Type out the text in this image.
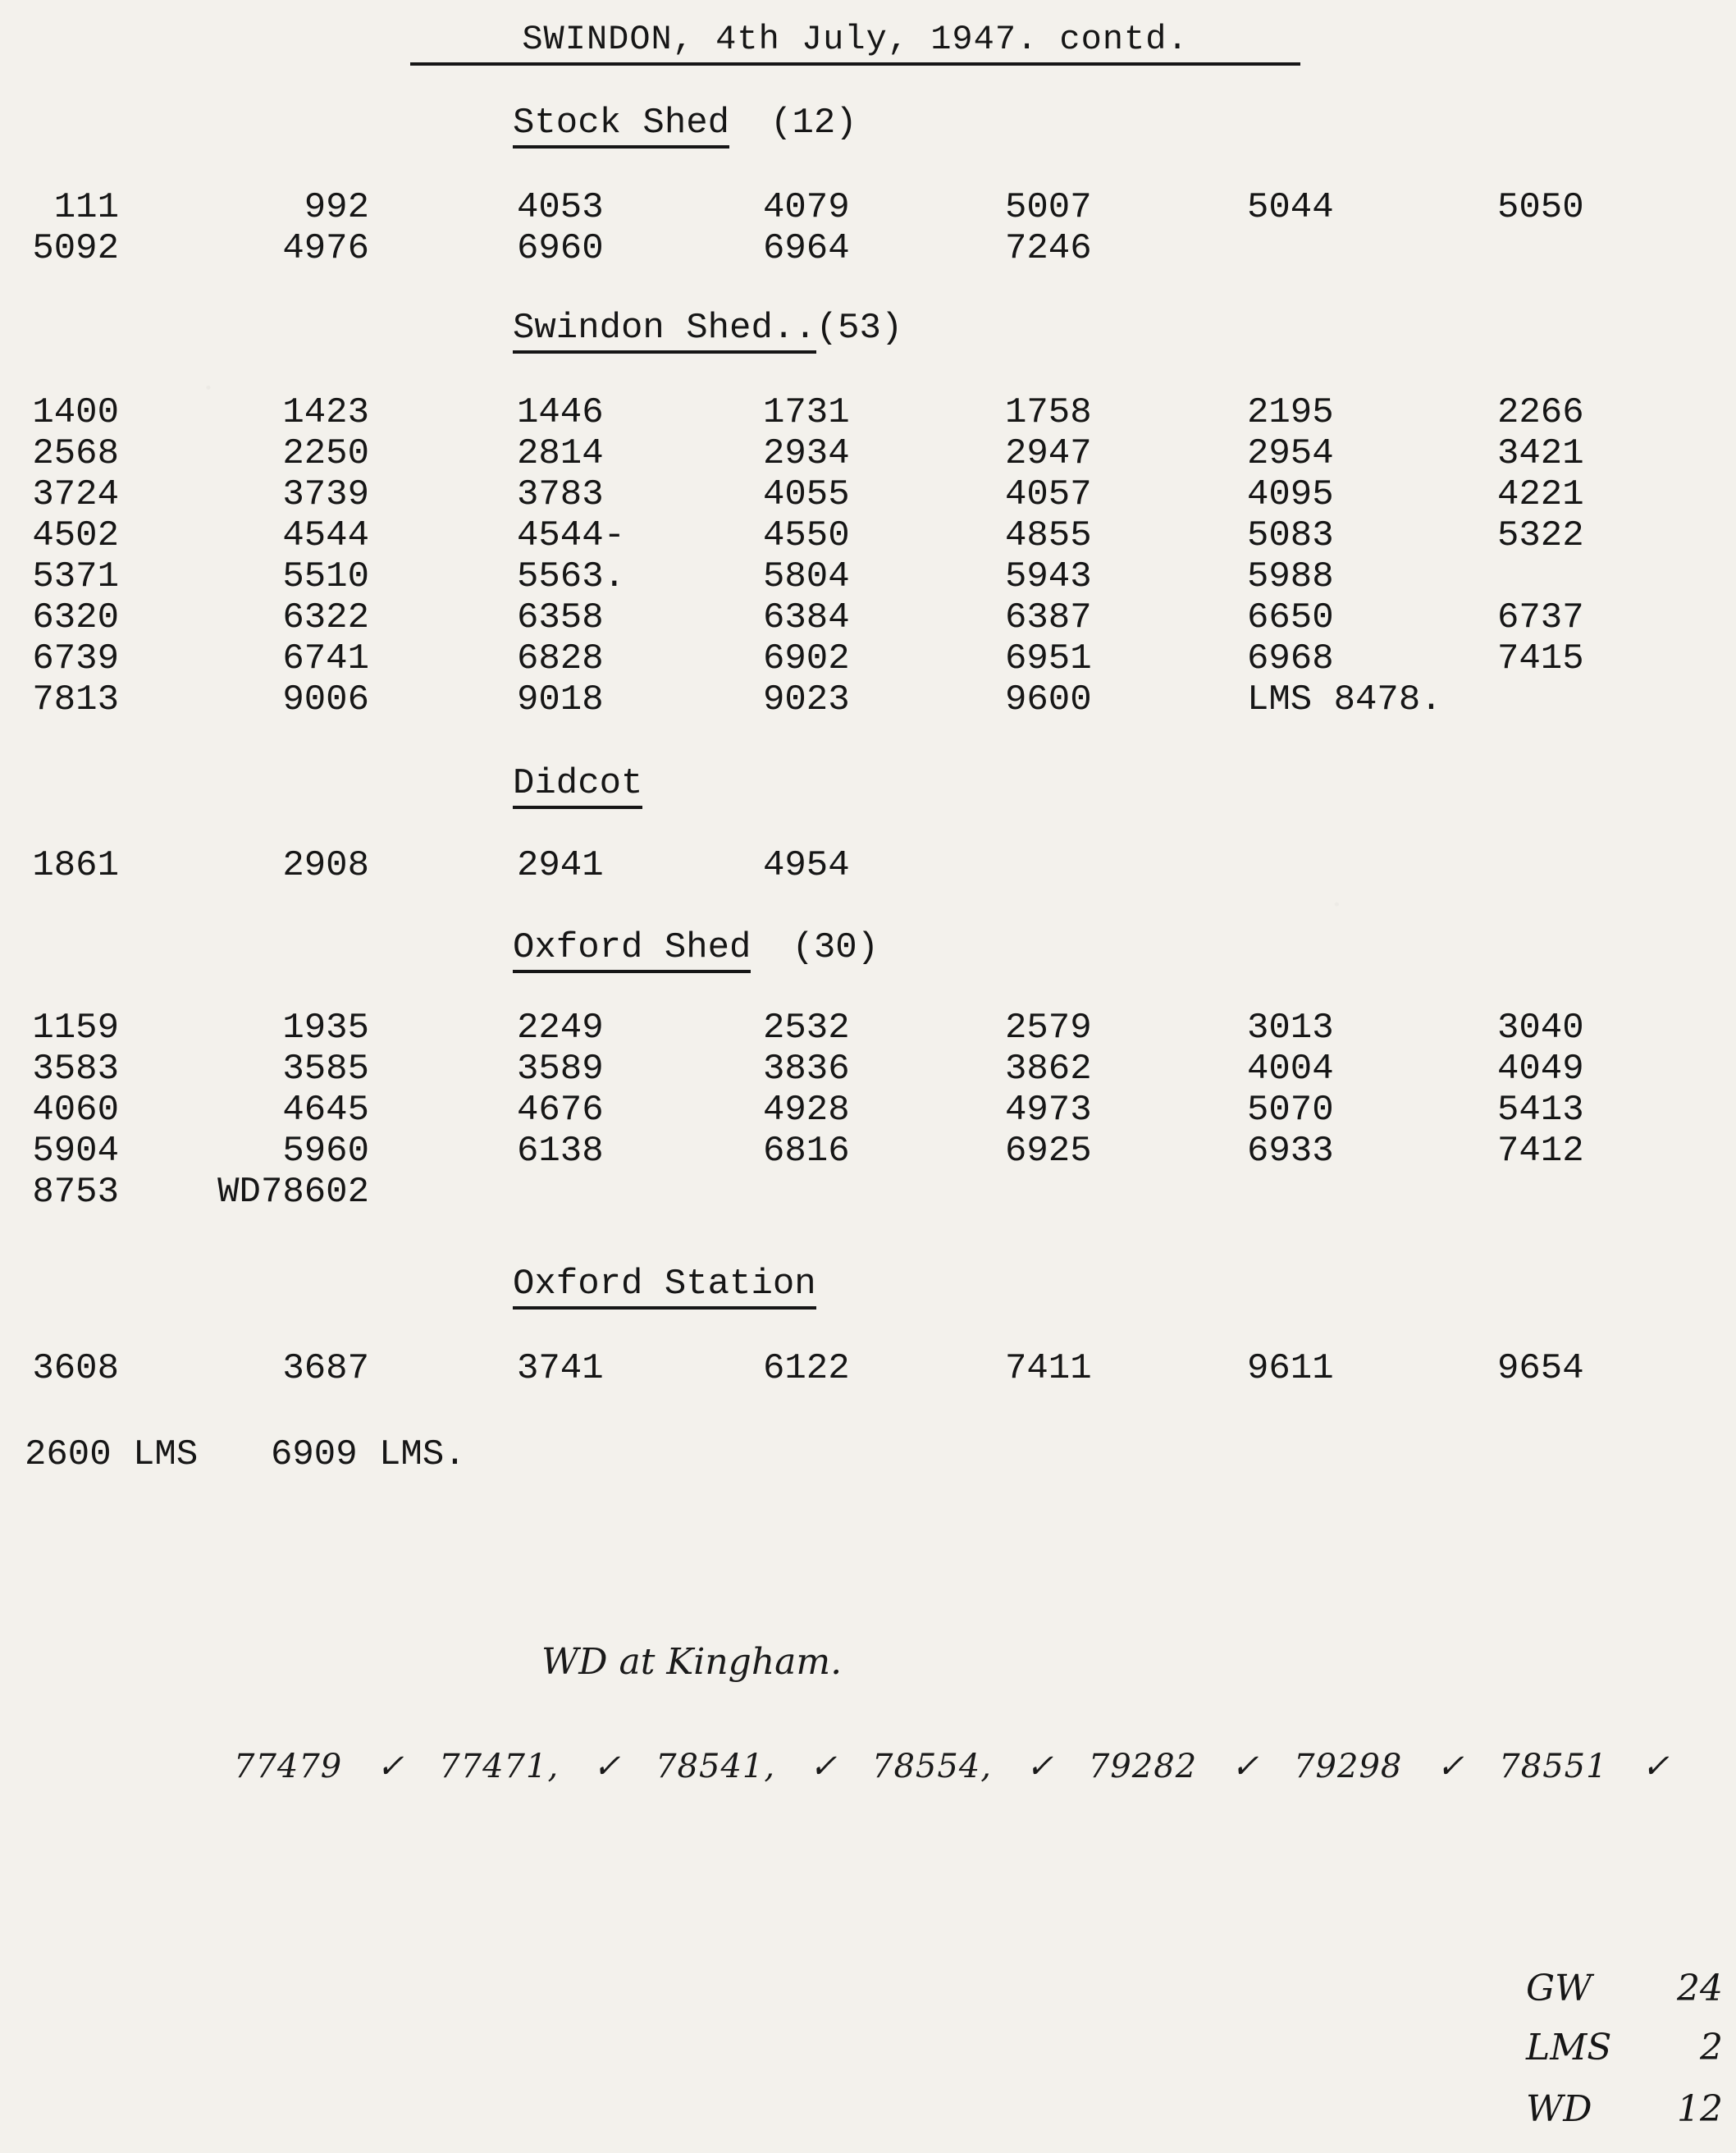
SWINDON, 4th July, 1947. contd.
Stock Shed (12)
111	992	4053	4079	5007	5044	5050
5092	4976	6960	6964	7246
Swindon Shed..(53)
1400	1423	1446	1731	1758	2195	2266
2568	2250	2814	2934	2947	2954	3421
3724	3739	3783	4055	4057	4095	4221
4502	4544	4544-	4550	4855	5083	5322
5371	5510	5563.	5804	5943	5988
6320	6322	6358	6384	6387	6650	6737
6739	6741	6828	6902	6951	6968	7415
7813	9006	9018	9023	9600	LMS 8478.
Didcot
1861	2908	2941	4954
Oxford Shed (30)
1159	1935	2249	2532	2579	3013	3040
3583	3585	3589	3836	3862	4004	4049
4060	4645	4676	4928	4973	5070	5413
5904	5960	6138	6816	6925	6933	7412
8753	WD78602
Oxford Station
3608	3687	3741	6122	7411	9611	9654
2600 LMS 6909 LMS.
WD at Kingham.
77479 ✓ 77471, ✓ 78541, ✓ 78554, ✓ 79282 ✓ 79298 ✓ 78551 ✓
GW 24
LMS 2
WD 12
